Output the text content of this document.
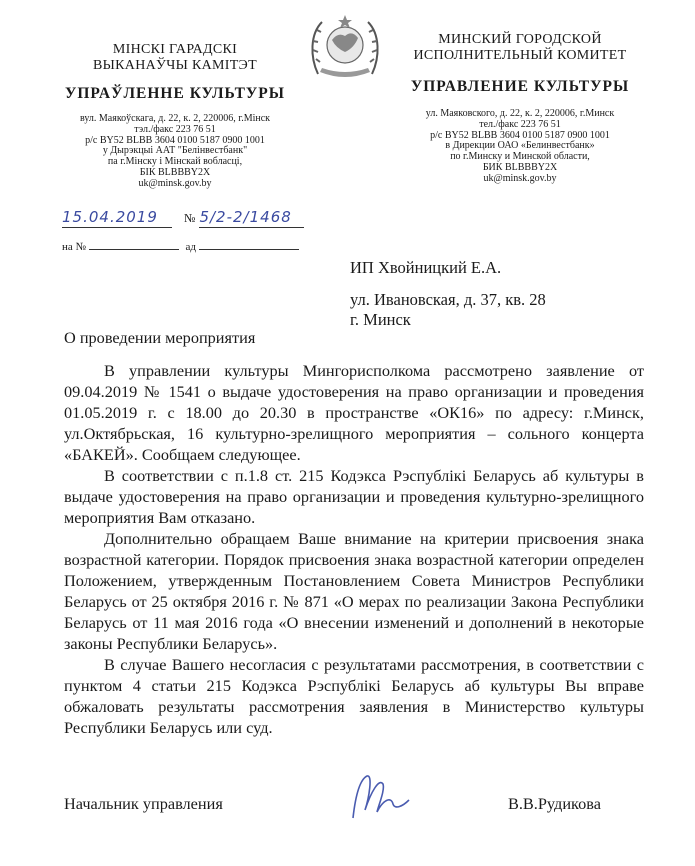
МІНСКІ ГАРАДСКІ
ВЫКАНАЎЧЫ КАМІТЭТ
УПРАЎЛЕННЕ КУЛЬТУРЫ
вул. Маякоўскага, д. 22, к. 2, 220006, г.Мінск
тэл./факс 223 76 51
р/с BY52 BLBB 3604 0100 5187 0900 1001
у Дырэкцыі ААТ "Белінвестбанк"
па г.Мінску і Мінскай вобласці,
БІК BLBBBY2X
uk@minsk.gov.by
МИНСКИЙ ГОРОДСКОЙ
ИСПОЛНИТЕЛЬНЫЙ КОМИТЕТ
УПРАВЛЕНИЕ КУЛЬТУРЫ
ул. Маяковского, д. 22, к. 2, 220006, г.Минск
тел./факс 223 76 51
р/с BY52 BLBB 3604 0100 5187 0900 1001
в Дирекции ОАО «Белинвестбанк»
по г.Минску и Минской области,
БИК BLBBBY2X
uk@minsk.gov.by
15.04.2019 № 5/2-2/1468
на №	ад
ИП Хвойницкий Е.А.
ул. Ивановская, д. 37, кв. 28
г. Минск
О проведении мероприятия

В управлении культуры Мингорисполкома рассмотрено заявление от 09.04.2019 № 1541 о выдаче удостоверения на право организации и проведения 01.05.2019 г. с 18.00 до 20.30 в пространстве «ОК16» по адресу: г.Минск, ул.Октябрьская, 16 культурно-зрелищного мероприятия – сольного концерта «БАКЕЙ». Сообщаем следующее.

В соответствии с п.1.8 ст. 215 Кодэкса Рэспублікі Беларусь аб культуры в выдаче удостоверения на право организации и проведения культурно-зрелищного мероприятия Вам отказано.

Дополнительно обращаем Ваше внимание на критерии присвоения знака возрастной категории. Порядок присвоения знака возрастной категории определен Положением, утвержденным Постановлением Совета Министров Республики Беларусь от 25 октября 2016 г. № 871 «О мерах по реализации Закона Республики Беларусь от 11 мая 2016 года «О внесении изменений и дополнений в некоторые законы Республики Беларусь».

В случае Вашего несогласия с результатами рассмотрения, в соответствии с пунктом 4 статьи 215 Кодэкса Рэспублікі Беларусь аб культуры Вы вправе обжаловать результаты рассмотрения заявления в Министерство культуры Республики Беларусь или суд.

Начальник управления	В.В.Рудикова
